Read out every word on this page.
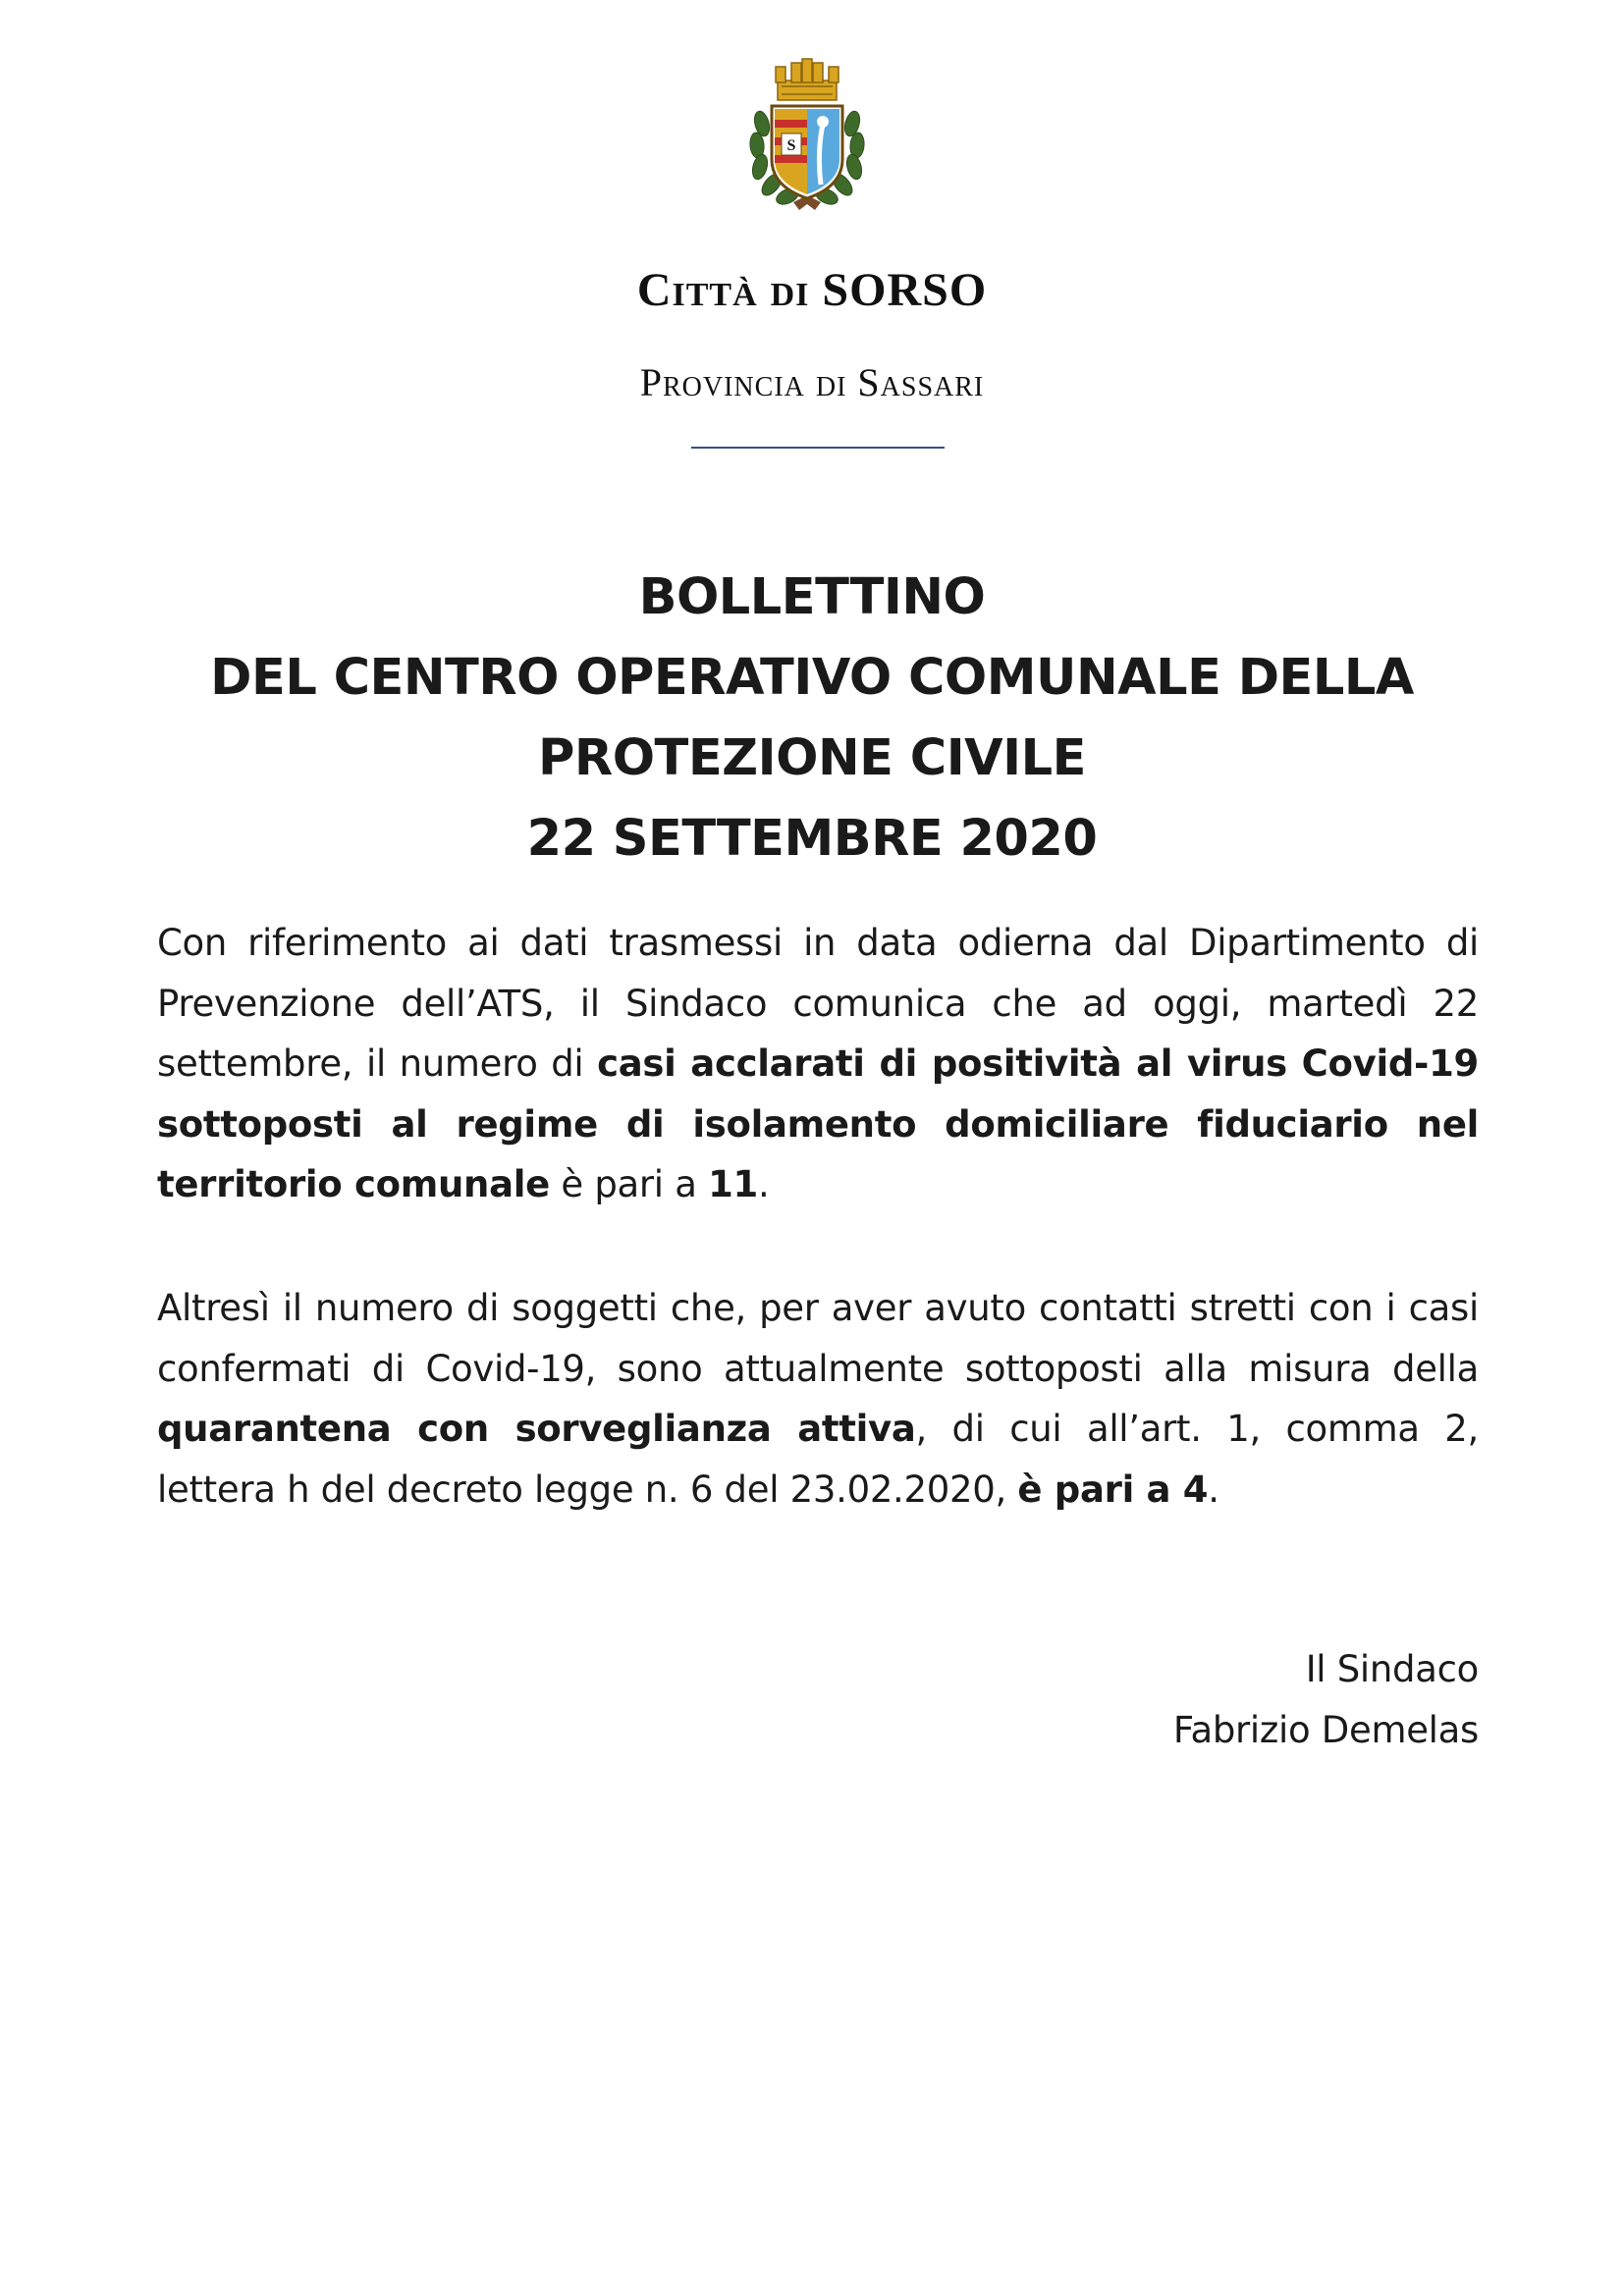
S
Città di SORSO
Provincia di Sassari
BOLLETTINO
DEL CENTRO OPERATIVO COMUNALE DELLA
PROTEZIONE CIVILE
22 SETTEMBRE 2020
Con riferimento ai dati trasmessi in data odierna dal Dipartimento di Prevenzione dell’ATS, il Sindaco comunica che ad oggi, martedì 22 settembre, il numero di casi acclarati di positività al virus Covid-19 sottoposti al regime di isolamento domiciliare fiduciario nel territorio comunale è pari a 11.
Altresì il numero di soggetti che, per aver avuto contatti stretti con i casi confermati di Covid-19, sono attualmente sottoposti alla misura della quarantena con sorveglianza attiva, di cui all’art. 1, comma 2, lettera h del decreto legge n. 6 del 23.02.2020, è pari a 4.
Il Sindaco
Fabrizio Demelas
